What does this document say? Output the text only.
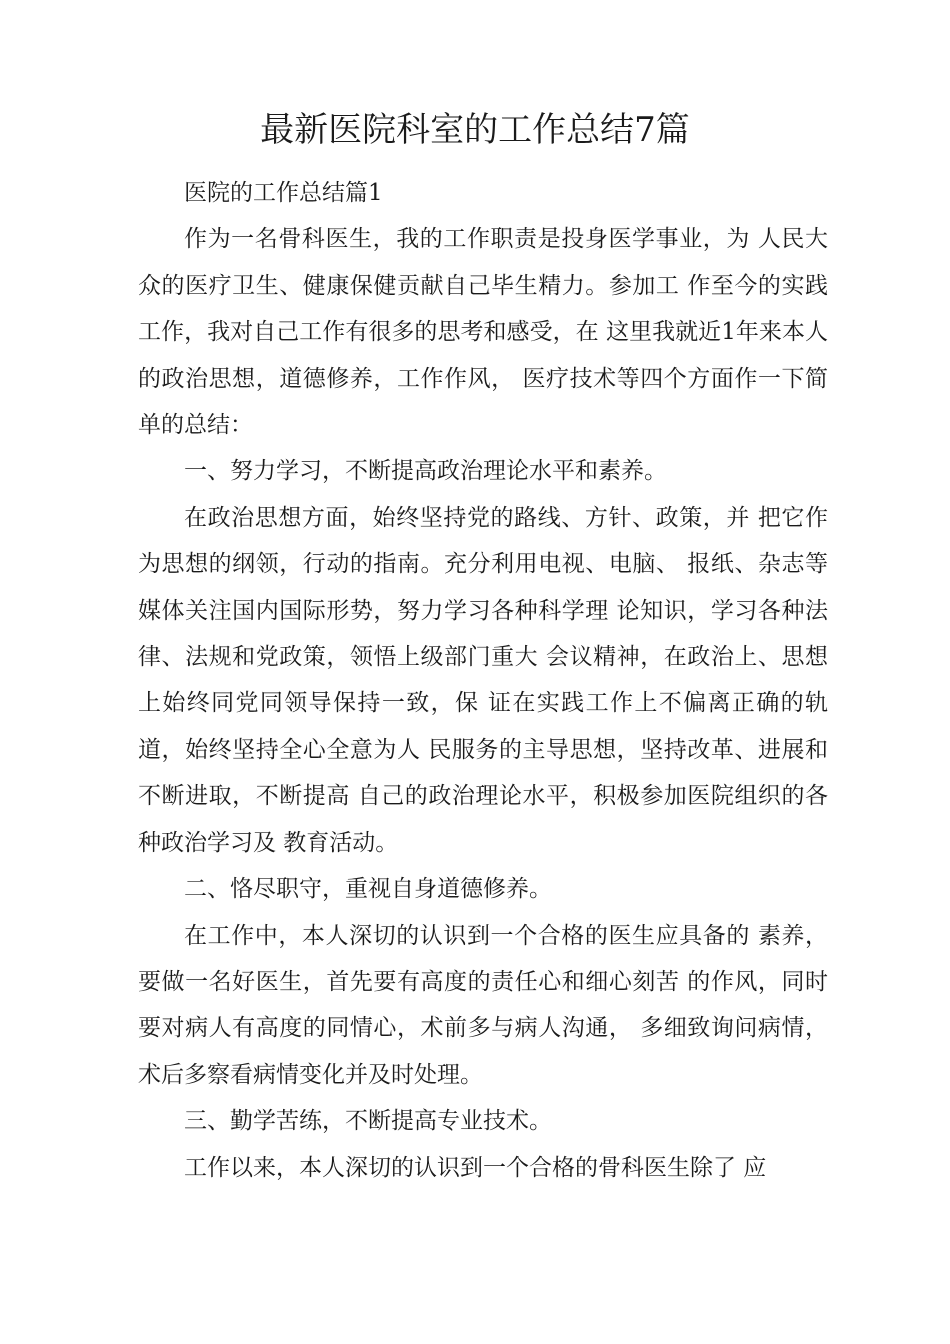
最新医院科室的工作总结7篇

医院的工作总结篇1

作为一名骨科医生，我的工作职责是投身医学事业，为 人民大众的医疗卫生、健康保健贡献自己毕生精力。参加工 作至今的实践工作，我对自己工作有很多的思考和感受，在 这里我就近1年来本人的政治思想，道德修养，工作作风， 医疗技术等四个方面作一下简单的总结：

一、努力学习，不断提高政治理论水平和素养。

在政治思想方面，始终坚持党的路线、方针、政策，并 把它作为思想的纲领，行动的指南。充分利用电视、电脑、 报纸、杂志等媒体关注国内国际形势，努力学习各种科学理 论知识，学习各种法律、法规和党政策，领悟上级部门重大 会议精神，在政治上、思想上始终同党同领导保持一致，保 证在实践工作上不偏离正确的轨道，始终坚持全心全意为人 民服务的主导思想，坚持改革、进展和不断进取，不断提高 自己的政治理论水平，积极参加医院组织的各种政治学习及 教育活动。

二、恪尽职守，重视自身道德修养。

在工作中，本人深切的认识到一个合格的医生应具备的 素养，要做一名好医生，首先要有高度的责任心和细心刻苦 的作风，同时要对病人有高度的同情心，术前多与病人沟通， 多细致询问病情，术后多察看病情变化并及时处理。

三、勤学苦练，不断提高专业技术。

工作以来，本人深切的认识到一个合格的骨科医生除了 应
